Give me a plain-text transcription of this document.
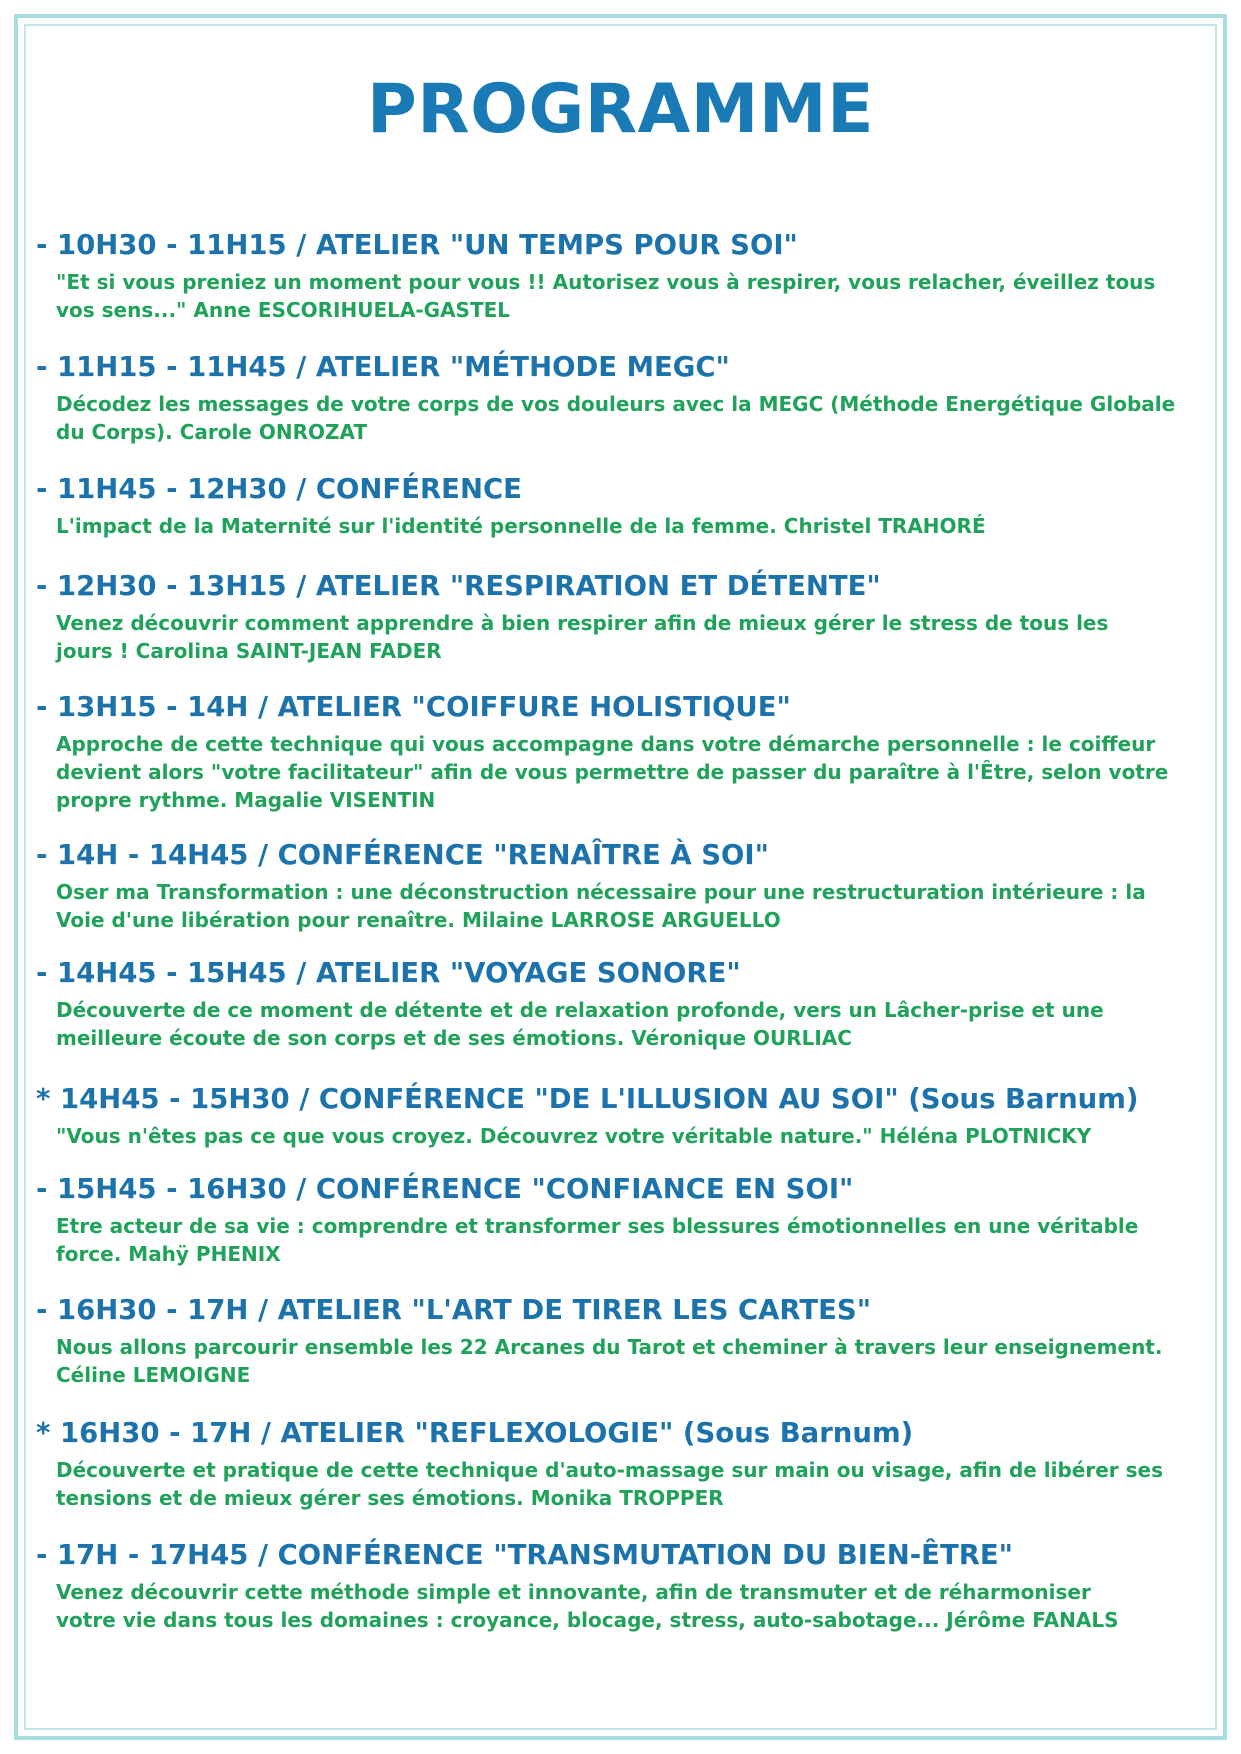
PROGRAMME
- 10H30 - 11H15 / ATELIER "UN TEMPS POUR SOI"
"Et si vous preniez un moment pour vous !! Autorisez vous à respirer, vous relacher, éveillez tous
vos sens..." Anne ESCORIHUELA-GASTEL
- 11H15 - 11H45 / ATELIER "MÉTHODE MEGC"
Décodez les messages de votre corps de vos douleurs avec la MEGC (Méthode Energétique Globale
du Corps). Carole ONROZAT
- 11H45 - 12H30 / CONFÉRENCE
L'impact de la Maternité sur l'identité personnelle de la femme. Christel TRAHORÉ
- 12H30 - 13H15 / ATELIER "RESPIRATION ET DÉTENTE"
Venez découvrir comment apprendre à bien respirer afin de mieux gérer le stress de tous les
jours ! Carolina SAINT-JEAN FADER
- 13H15 - 14H / ATELIER "COIFFURE HOLISTIQUE"
Approche de cette technique qui vous accompagne dans votre démarche personnelle : le coiffeur
devient alors "votre facilitateur" afin de vous permettre de passer du paraître à l'Être, selon votre
propre rythme. Magalie VISENTIN
- 14H - 14H45 / CONFÉRENCE "RENAÎTRE À SOI"
Oser ma Transformation : une déconstruction nécessaire pour une restructuration intérieure : la
Voie d'une libération pour renaître. Milaine LARROSE ARGUELLO
- 14H45 - 15H45 / ATELIER "VOYAGE SONORE"
Découverte de ce moment de détente et de relaxation profonde, vers un Lâcher-prise et une
meilleure écoute de son corps et de ses émotions. Véronique OURLIAC
* 14H45 - 15H30 / CONFÉRENCE "DE L'ILLUSION AU SOI" (Sous Barnum)
"Vous n'êtes pas ce que vous croyez. Découvrez votre véritable nature." Héléna PLOTNICKY
- 15H45 - 16H30 / CONFÉRENCE "CONFIANCE EN SOI"
Etre acteur de sa vie : comprendre et transformer ses blessures émotionnelles en une véritable
force. Mahÿ PHENIX
- 16H30 - 17H / ATELIER "L'ART DE TIRER LES CARTES"
Nous allons parcourir ensemble les 22 Arcanes du Tarot et cheminer à travers leur enseignement.
Céline LEMOIGNE
* 16H30 - 17H / ATELIER "REFLEXOLOGIE" (Sous Barnum)
Découverte et pratique de cette technique d'auto-massage sur main ou visage, afin de libérer ses
tensions et de mieux gérer ses émotions. Monika TROPPER
- 17H - 17H45 / CONFÉRENCE "TRANSMUTATION DU BIEN-ÊTRE"
Venez découvrir cette méthode simple et innovante, afin de transmuter et de réharmoniser
votre vie dans tous les domaines : croyance, blocage, stress, auto-sabotage... Jérôme FANALS
